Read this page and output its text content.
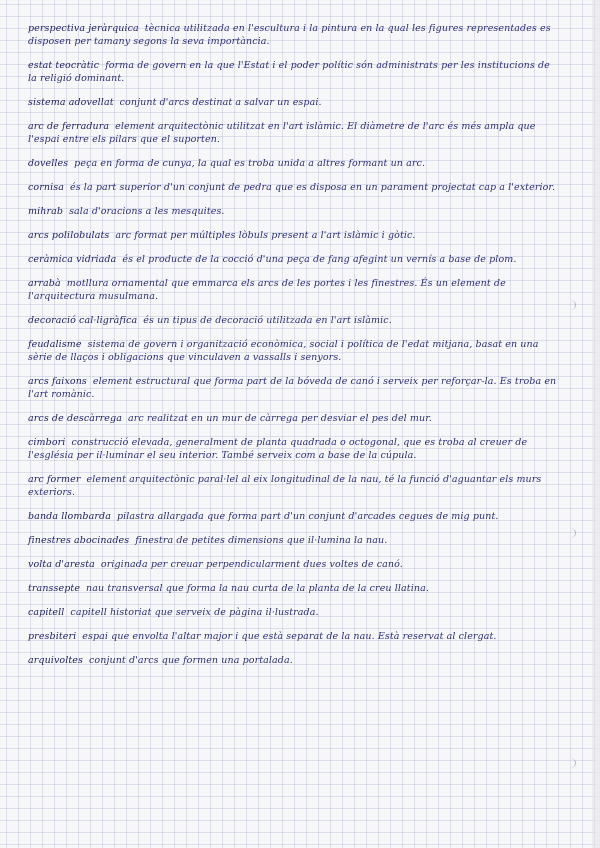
perspectiva jeràrquica tècnica utilitzada en l'escultura i la pintura en la qual les figures representades es disposen per tamany segons la seva importància.
estat teocràtic forma de govern en la que l'Estat i el poder polític són administrats per les institucions de la religió dominant.
sistema adovellat conjunt d'arcs destinat a salvar un espai.
arc de ferradura element arquitectònic utilitzat en l'art islàmic. El diàmetre de l'arc és més ampla que l'espai entre els pilars que el suporten.
dovelles peça en forma de cunya, la qual es troba unida a altres formant un arc.
cornisa és la part superior d'un conjunt de pedra que es disposa en un parament projectat cap a l'exterior.
mihrab sala d'oracions a les mesquites.
arcs polilobulats arc format per múltiples lòbuls present a l'art islàmic i gòtic.
ceràmica vidriada és el producte de la cocció d'una peça de fang afegint un vernís a base de plom.
arrabà motllura ornamental que emmarca els arcs de les portes i les finestres. És un element de l'arquitectura musulmana.
decoració cal·ligràfica és un tipus de decoració utilitzada en l'art islàmic.
feudalisme sistema de govern i organització econòmica, social i política de l'edat mitjana, basat en una sèrie de llaços i obligacions que vinculaven a vassalls i senyors.
arcs faixons element estructural que forma part de la bóveda de canó i serveix per reforçar-la. Es troba en l'art romànic.
arcs de descàrrega arc realitzat en un mur de càrrega per desviar el pes del mur.
cimbori construcció elevada, generalment de planta quadrada o octogonal, que es troba al creuer de l'església per il·luminar el seu interior. També serveix com a base de la cúpula.
arc former element arquitectònic paral·lel al eix longitudinal de la nau, té la funció d'aguantar els murs exteriors.
banda llombarda pilastra allargada que forma part d'un conjunt d'arcades cegues de mig punt.
finestres abocinades finestra de petites dimensions que il·lumina la nau.
volta d'aresta originada per creuar perpendicularment dues voltes de canó.
transsepte nau transversal que forma la nau curta de la planta de la creu llatina.
capitell capitell historiat que serveix de pàgina il·lustrada.
presbiteri espai que envolta l'altar major i que està separat de la nau. Està reservat al clergat.
arquivoltes conjunt d'arcs que formen una portalada.
